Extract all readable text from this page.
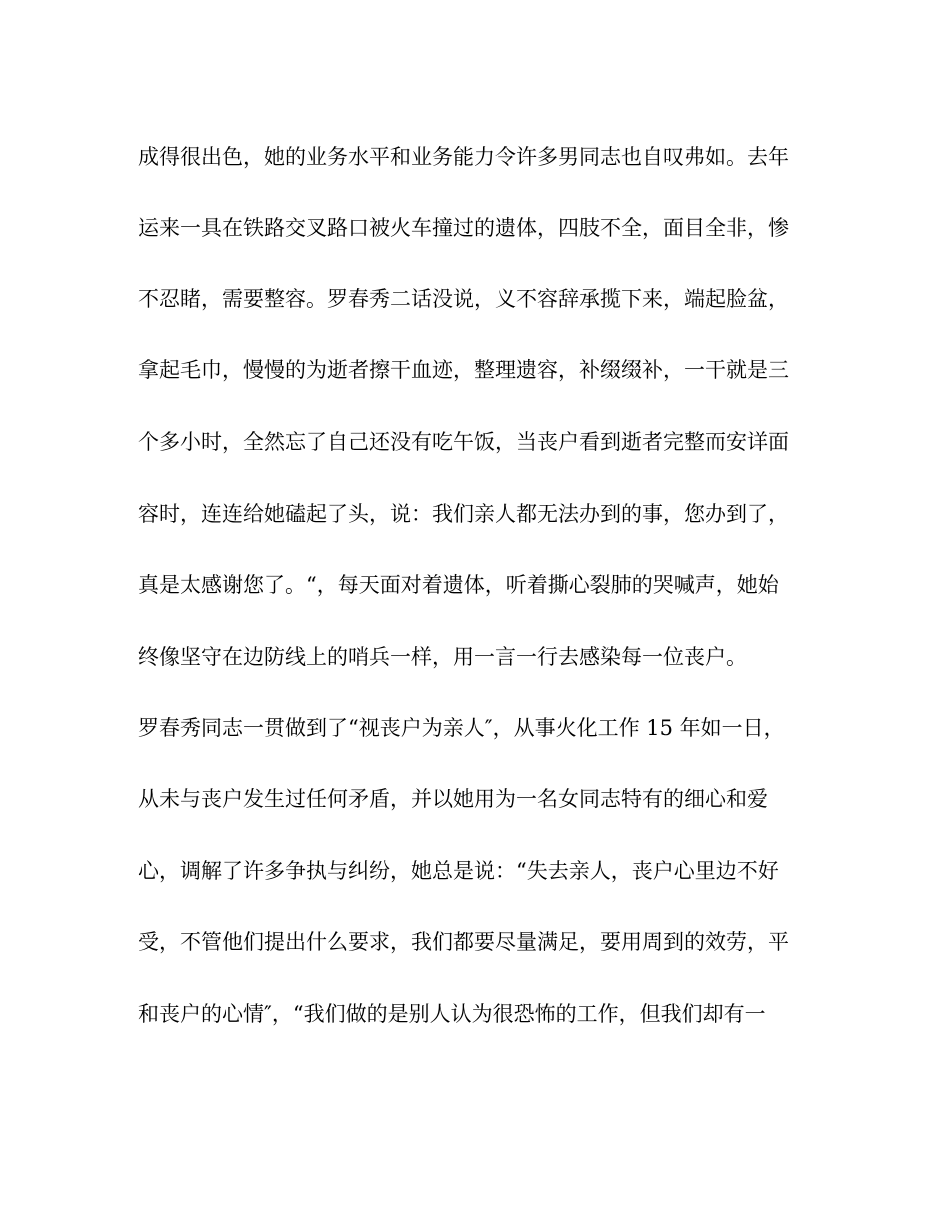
成得很出色，她的业务水平和业务能力令许多男同志也自叹弗如。去年
运来一具在铁路交叉路口被火车撞过的遗体，四肢不全，面目全非，惨
不忍睹，需要整容。罗春秀二话没说，义不容辞承揽下来，端起脸盆，
拿起毛巾，慢慢的为逝者擦干血迹，整理遗容，补缀缀补，一干就是三
个多小时，全然忘了自己还没有吃午饭，当丧户看到逝者完整而安详面
容时，连连给她磕起了头，说：我们亲人都无法办到的事，您办到了，
真是太感谢您了。“，每天面对着遗体，听着撕心裂肺的哭喊声，她始
终像坚守在边防线上的哨兵一样，用一言一行去感染每一位丧户。
罗春秀同志一贯做到了“视丧户为亲人″，从事火化工作 15 年如一日，
从未与丧户发生过任何矛盾，并以她用为一名女同志特有的细心和爱
心，调解了许多争执与纠纷，她总是说：“失去亲人，丧户心里边不好
受，不管他们提出什么要求，我们都要尽量满足，要用周到的效劳，平
和丧户的心情″，“我们做的是别人认为很恐怖的工作，但我们却有一
